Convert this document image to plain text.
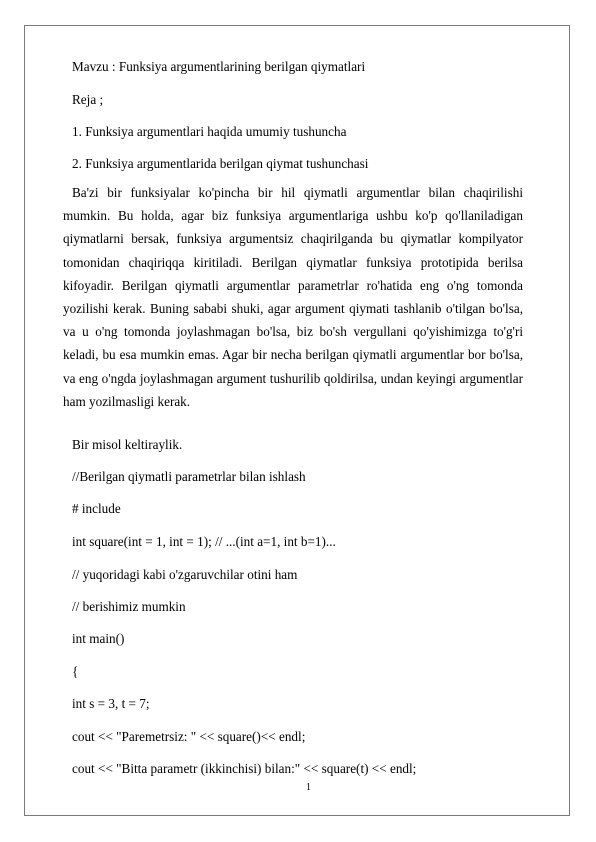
Mavzu : Funksiya argumentlarining berilgan qiymatlari
Reja ;
1. Funksiya argumentlari haqida umumiy tushuncha
2. Funksiya argumentlarida berilgan qiymat tushunchasi
Ba'zi bir funksiyalar ko'pincha bir hil qiymatli argumentlar bilan chaqirilishi mumkin. Bu holda, agar biz funksiya argumentlariga ushbu ko'p qo'llaniladigan qiymatlarni bersak, funksiya argumentsiz chaqirilganda bu qiymatlar kompilyator tomonidan chaqiriqqa kiritiladi. Berilgan qiymatlar funksiya prototipida berilsa kifoyadir. Berilgan qiymatli argumentlar parametrlar ro'hatida eng o'ng tomonda yozilishi kerak. Buning sababi shuki, agar argument qiymati tashlanib o'tilgan bo'lsa, va u o'ng tomonda joylashmagan bo'lsa, biz bo'sh vergullani qo'yishimizga to'g'ri keladi, bu esa mumkin emas. Agar bir necha berilgan qiymatli argumentlar bor bo'lsa, va eng o'ngda joylashmagan argument tushurilib qoldirilsa, undan keyingi argumentlar ham yozilmasligi kerak.
Bir misol keltiraylik.
//Berilgan qiymatli parametrlar bilan ishlash
# include
int square(int = 1, int = 1); // ...(int a=1, int b=1)...
// yuqoridagi kabi o'zgaruvchilar otini ham
// berishimiz mumkin
int main()
{
int s = 3, t = 7;
cout << "Paremetrsiz: " << square()<< endl;
cout << "Bitta parametr (ikkinchisi) bilan:" << square(t) << endl;
1
